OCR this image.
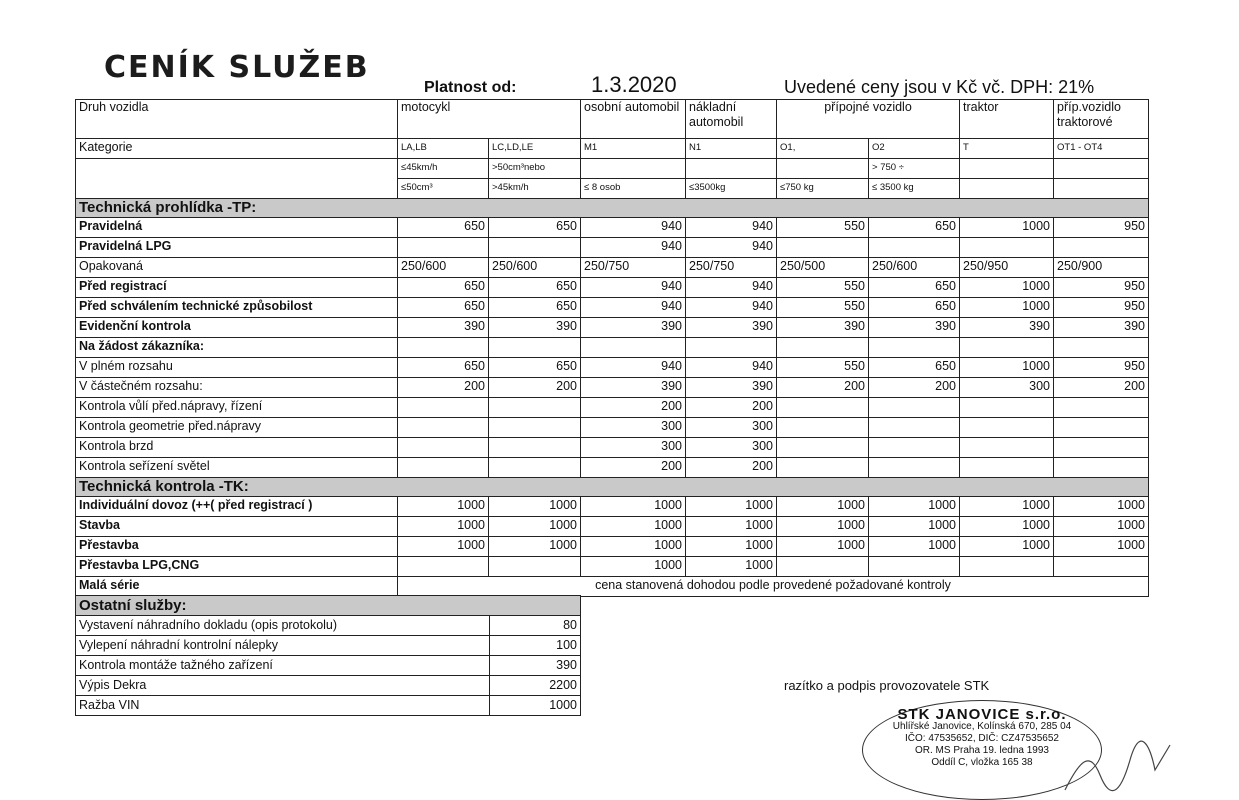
CENÍK SLUŽEB
Platnost od:	1.3.2020	Uvedené ceny jsou v Kč vč. DPH: 21%
Druh vozidla	motocykl		osobní automobil	nákladní automobil	přípojné vozidlo		traktor	příp.vozidlo traktorové
Kategorie	LA,LB	LC,LD,LE	M1	N1	O1,	O2	T	OT1 - OT4
	≤45km/h	>50cm³nebo				> 750 ÷		
	≤50cm³	>45km/h	≤ 8 osob	≤3500kg	≤750 kg	≤ 3500 kg		
Technická prohlídka -TP:								
Pravidelná	650	650	940	940	550	650	1000	950
Pravidelná LPG			940	940				
Opakovaná	250/600	250/600	250/750	250/750	250/500	250/600	250/950	250/900
Před registrací	650	650	940	940	550	650	1000	950
Před schválením technické způsobilost	650	650	940	940	550	650	1000	950
Evidenční kontrola	390	390	390	390	390	390	390	390
Na žádost zákazníka:								
V plném rozsahu	650	650	940	940	550	650	1000	950
V částečném rozsahu:	200	200	390	390	200	200	300	200
Kontrola vůlí před.nápravy, řízení			200	200				
Kontrola geometrie před.nápravy			300	300				
Kontrola brzd			300	300				
Kontrola seřízení světel			200	200				
Technická kontrola -TK:								
Individuální dovoz (++( před registrací )	1000	1000	1000	1000	1000	1000	1000	1000
Stavba	1000	1000	1000	1000	1000	1000	1000	1000
Přestavba	1000	1000	1000	1000	1000	1000	1000	1000
Přestavba LPG,CNG			1000	1000				
Malá série	cena stanovená dohodou podle provedené požadované kontroly							
Ostatní služby:	
Vystavení náhradního dokladu (opis protokolu)	80
Vylepení náhradní kontrolní nálepky	100
Kontrola montáže tažného zařízení	390
Výpis Dekra	2200
Ražba VIN	1000
razítko a podpis provozovatele STK
STK JANOVICE s.r.o.
Uhlířské Janovice, Kolínská 670, 285 04
IČO: 47535652, DIČ: CZ47535652
OR. MS Praha 19. ledna 1993
Oddíl C, vložka 165 38
